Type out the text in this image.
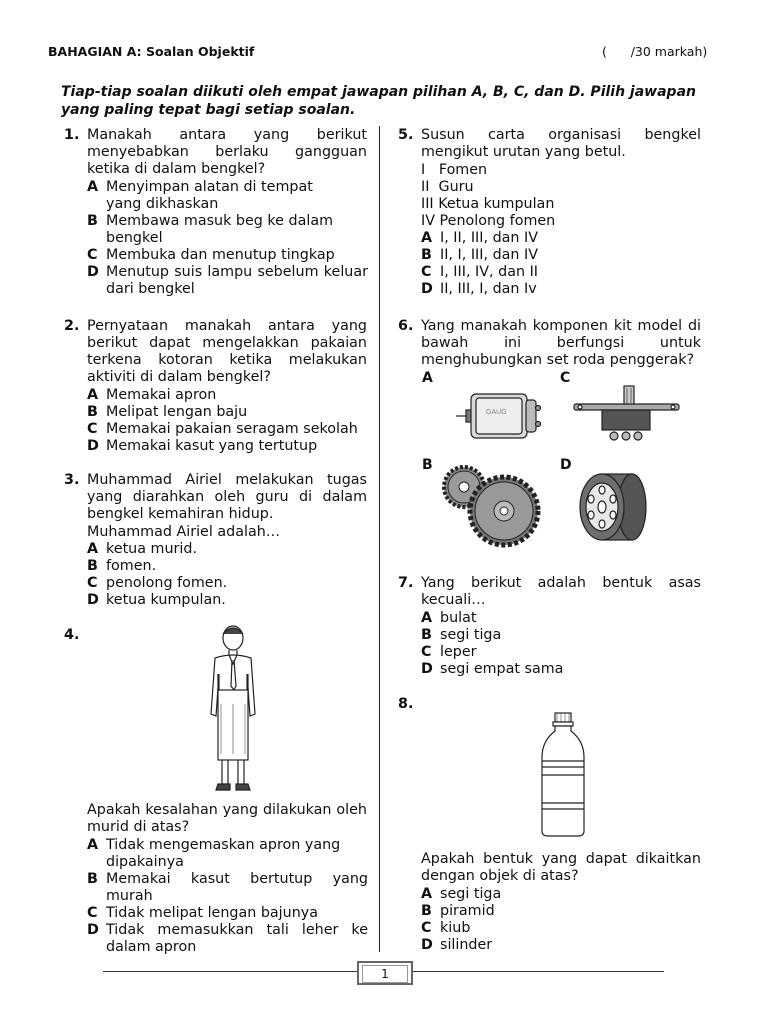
BAHAGIAN A: Soalan Objektif	(      /30 markah)
Tiap-tiap soalan diikuti oleh empat jawapan pilihan A, B, C, dan D. Pilih jawapan yang paling tepat bagi setiap soalan.
1. Manakah antara yang berikut menyebabkan berlaku gangguan ketika di dalam bengkel?
A Menyimpan alatan di tempat yang dikhaskan
B Membawa masuk beg ke dalam bengkel
C Membuka dan menutup tingkap
D Menutup suis lampu sebelum keluar dari bengkel
2. Pernyataan manakah antara yang berikut dapat mengelakkan pakaian terkena kotoran ketika melakukan aktiviti di dalam bengkel?
A Memakai apron
B Melipat lengan baju
C Memakai pakaian seragam sekolah
D Memakai kasut yang tertutup
3. Muhammad Airiel melakukan tugas yang diarahkan oleh guru di dalam bengkel kemahiran hidup.
Muhammad Airiel adalah…
A ketua murid.
B fomen.
C penolong fomen.
D ketua kumpulan.
4.
Apakah kesalahan yang dilakukan oleh murid di atas?
A Tidak mengemaskan apron yang dipakainya
B Memakai kasut bertutup yang murah
C Tidak melipat lengan bajunya
D Tidak memasukkan tali leher ke dalam apron
5. Susun carta organisasi bengkel mengikut urutan yang betul.
I   Fomen
II  Guru
III Ketua kumpulan
IV Penolong fomen
A I, II, III, dan IV
B II, I, III, dan IV
C I, III, IV, dan II
D II, III, I, dan Iv
6. Yang manakah komponen kit model di bawah ini berfungsi untuk menghubungkan set roda penggerak?
A	C
B	D
GAUG
7. Yang berikut adalah bentuk asas kecuali…
A bulat
B segi tiga
C leper
D segi empat sama
8.
Apakah bentuk yang dapat dikaitkan dengan objek di atas?
A segi tiga
B piramid
C kiub
D silinder
1
